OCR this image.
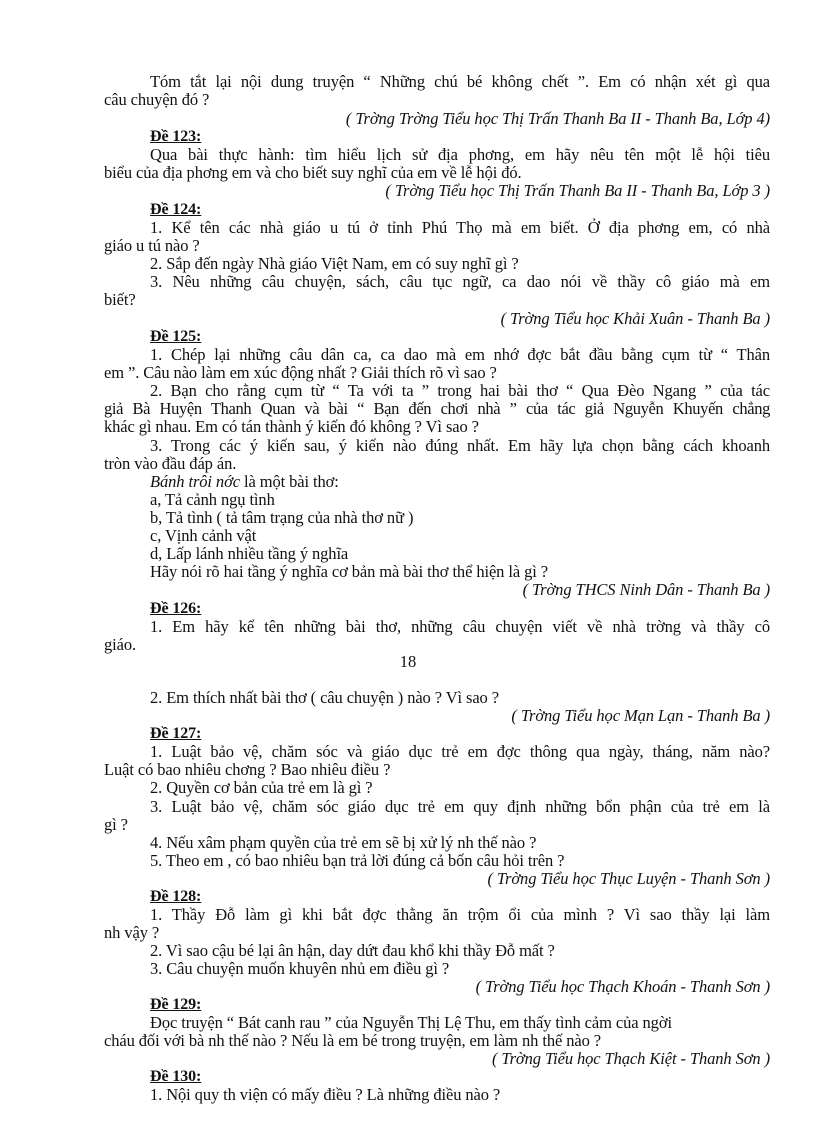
Tóm tắt lại nội dung truyện “ Những chú bé không chết ”. Em có nhận xét gì qua
câu chuyện đó ?
( Trờng Trờng Tiểu học Thị Trấn Thanh Ba II - Thanh Ba, Lớp 4)
Đề 123:
Qua bài thực hành: tìm hiểu lịch sử địa phơng, em hãy nêu tên một lễ hội tiêu
biểu của địa phơng em và cho biết suy nghĩ của em về lễ hội đó.
( Trờng Tiểu học Thị Trấn Thanh Ba II - Thanh Ba, Lớp 3 )
Đề 124:
1. Kể tên các nhà giáo u tú ở tỉnh Phú Thọ mà em biết. Ở địa phơng em, có nhà
giáo u tú nào ?
2. Sắp đến ngày Nhà giáo Việt Nam, em có suy nghĩ gì ?
3. Nêu những câu chuyện, sách, câu tục ngữ, ca dao nói về thầy cô giáo mà em
biết?
( Trờng Tiểu học Khải Xuân - Thanh Ba )
Đề 125:
1. Chép lại những câu dân ca, ca dao mà em nhớ đợc bắt đầu bằng cụm từ “ Thân
em ”. Câu nào làm em xúc động nhất ? Giải thích rõ vì sao ?
2. Bạn cho rằng cụm từ “ Ta với ta ” trong hai bài thơ “ Qua Đèo Ngang ” của tác
giả Bà Huyện Thanh Quan và bài “ Bạn đến chơi nhà ” của tác giả Nguyễn Khuyến chẳng
khác gì nhau. Em có tán thành ý kiến đó không ? Vì sao ?
3. Trong các ý kiến sau, ý kiến nào đúng nhất. Em hãy lựa chọn bằng cách khoanh
tròn vào đầu đáp án.
Bánh trôi nớc là một bài thơ:
a, Tả cảnh ngụ tình
b, Tả tình ( tả tâm trạng của nhà thơ nữ )
c, Vịnh cảnh vật
d, Lấp lánh nhiều tầng ý nghĩa
Hãy nói rõ hai tầng ý nghĩa cơ bản mà bài thơ thể hiện là gì ?
( Trờng THCS Ninh Dân - Thanh Ba )
Đề 126:
1. Em hãy kể tên những bài thơ, những câu chuyện viết về nhà trờng và thầy cô
giáo.
18
2. Em thích nhất bài thơ ( câu chuyện ) nào ? Vì sao ?
( Trờng Tiểu học Mạn Lạn - Thanh Ba )
Đề 127:
1. Luật bảo vệ, chăm sóc và giáo dục trẻ em đợc thông qua ngày, tháng, năm nào?
Luật có bao nhiêu chơng ? Bao nhiêu điều ?
2. Quyền cơ bản của trẻ em là gì ?
3. Luật bảo vệ, chăm sóc giáo dục trẻ em quy định những bổn phận của trẻ em là
gì ?
4. Nếu xâm phạm quyền của trẻ em sẽ bị xử lý nh thế nào ?
5. Theo em , có bao nhiêu bạn trả lời đúng cả bốn câu hỏi trên ?
( Trờng Tiểu học Thục Luyện - Thanh Sơn )
Đề 128:
1. Thầy Đỗ làm gì khi bắt đợc thằng ăn trộm ổi của mình ? Vì sao thầy lại làm
nh vậy ?
2. Vì sao cậu bé lại ân hận, day dứt đau khổ khi thầy Đỗ mất ?
3. Câu chuyện muốn khuyên nhủ em điều gì ?
( Trờng Tiểu học Thạch Khoán - Thanh Sơn )
Đề 129:
Đọc truyện “ Bát canh rau ” của Nguyễn Thị Lệ Thu, em thấy tình cảm của ngời
cháu đối với bà nh thế nào ? Nếu là em bé trong truyện, em làm nh thế nào ?
( Trờng Tiểu học Thạch Kiệt - Thanh Sơn )
Đề 130:
1. Nội quy th viện có mấy điều ? Là những điều nào ?
